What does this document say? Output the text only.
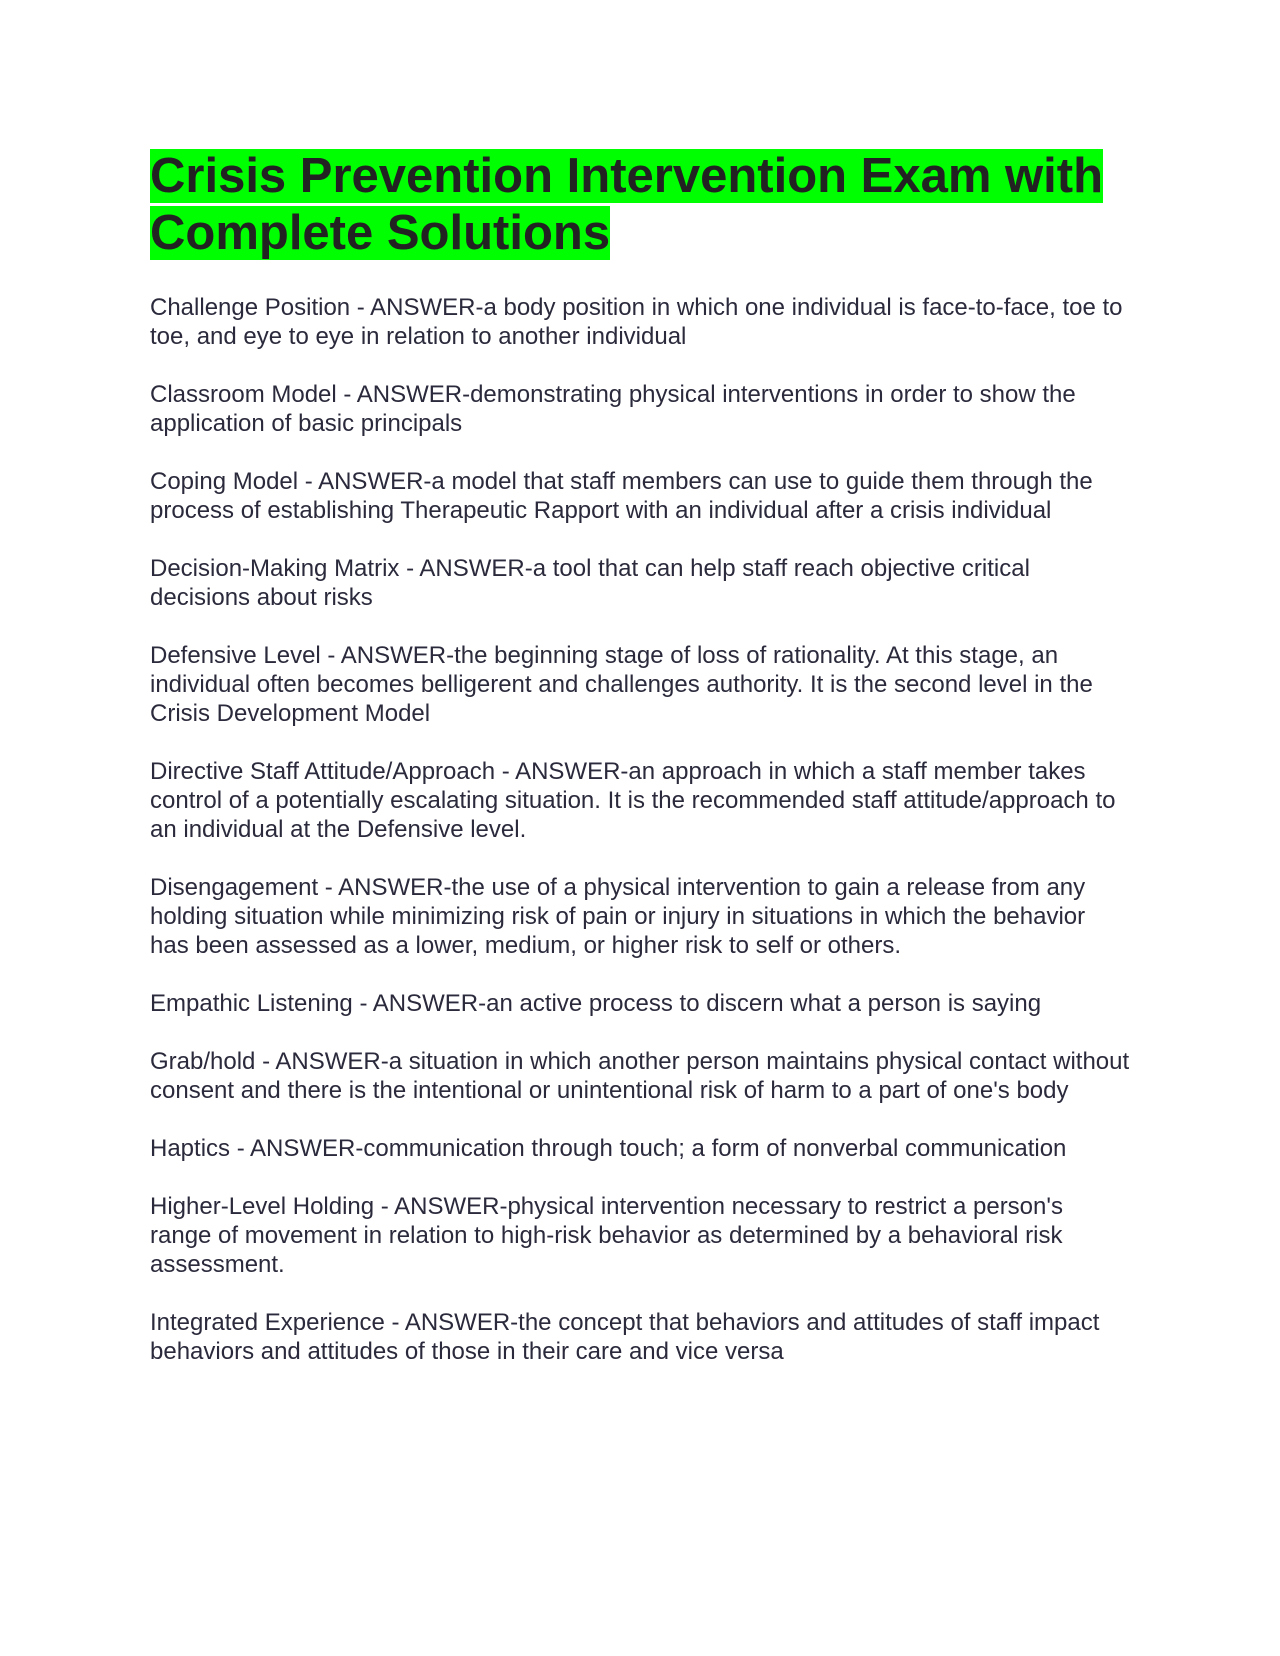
Crisis Prevention Intervention Exam with Complete Solutions

Challenge Position - ANSWER-a body position in which one individual is face-to-face, toe to toe, and eye to eye in relation to another individual

Classroom Model - ANSWER-demonstrating physical interventions in order to show the application of basic principals

Coping Model - ANSWER-a model that staff members can use to guide them through the process of establishing Therapeutic Rapport with an individual after a crisis individual

Decision-Making Matrix - ANSWER-a tool that can help staff reach objective critical decisions about risks

Defensive Level - ANSWER-the beginning stage of loss of rationality. At this stage, an individual often becomes belligerent and challenges authority. It is the second level in the Crisis Development Model

Directive Staff Attitude/Approach - ANSWER-an approach in which a staff member takes control of a potentially escalating situation. It is the recommended staff attitude/approach to an individual at the Defensive level.

Disengagement - ANSWER-the use of a physical intervention to gain a release from any holding situation while minimizing risk of pain or injury in situations in which the behavior has been assessed as a lower, medium, or higher risk to self or others.

Empathic Listening - ANSWER-an active process to discern what a person is saying

Grab/hold - ANSWER-a situation in which another person maintains physical contact without consent and there is the intentional or unintentional risk of harm to a part of one's body

Haptics - ANSWER-communication through touch; a form of nonverbal communication

Higher-Level Holding - ANSWER-physical intervention necessary to restrict a person's range of movement in relation to high-risk behavior as determined by a behavioral risk assessment.

Integrated Experience - ANSWER-the concept that behaviors and attitudes of staff impact behaviors and attitudes of those in their care and vice versa
